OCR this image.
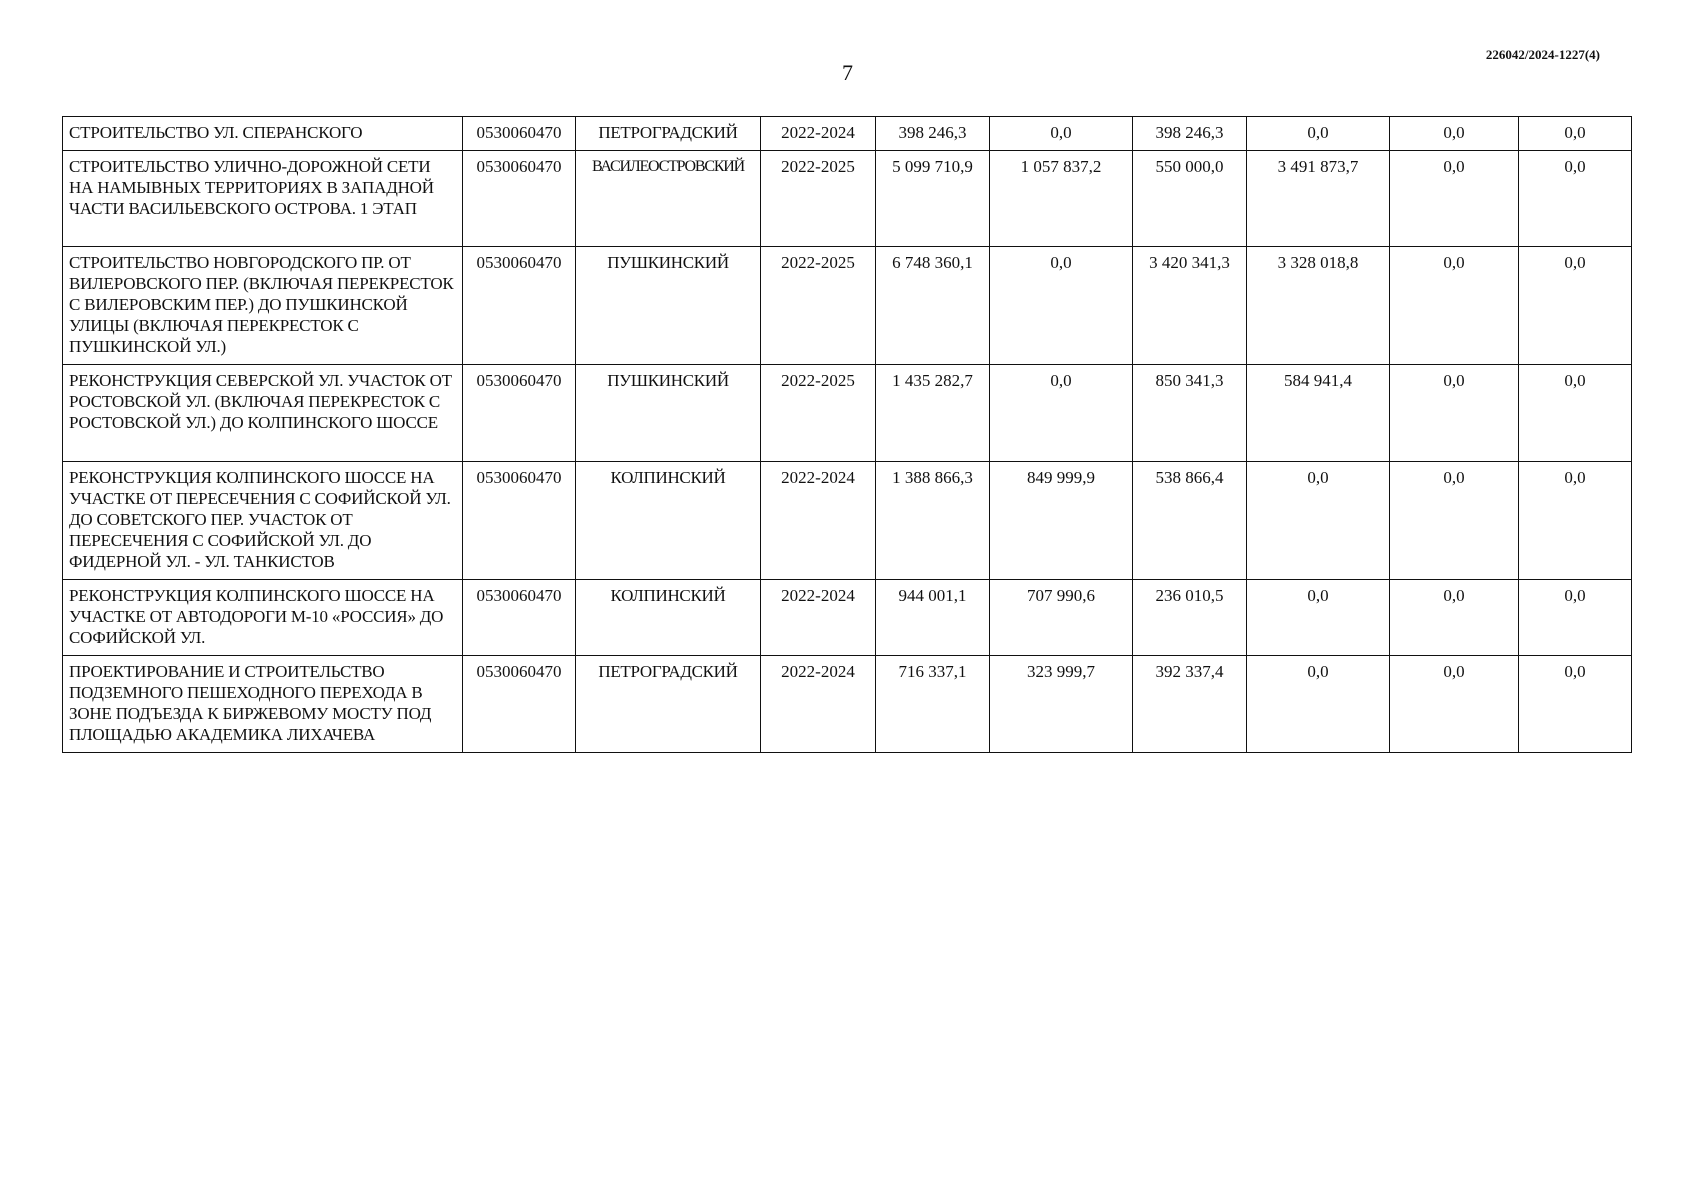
7
226042/2024-1227(4)
СТРОИТЕЛЬСТВО УЛ. СПЕРАНСКОГО	0530060470	ПЕТРОГРАДСКИЙ	2022-2024	398 246,3	0,0	398 246,3	0,0	0,0	0,0
СТРОИТЕЛЬСТВО УЛИЧНО-ДОРОЖНОЙ СЕТИ НА НАМЫВНЫХ ТЕРРИТОРИЯХ В ЗАПАДНОЙ ЧАСТИ ВАСИЛЬЕВСКОГО ОСТРОВА. 1 ЭТАП	0530060470	ВАСИЛЕОСТРОВСКИЙ	2022-2025	5 099 710,9	1 057 837,2	550 000,0	3 491 873,7	0,0	0,0
СТРОИТЕЛЬСТВО НОВГОРОДСКОГО ПР. ОТ ВИЛЕРОВСКОГО ПЕР. (ВКЛЮЧАЯ ПЕРЕКРЕСТОК С ВИЛЕРОВСКИМ ПЕР.) ДО ПУШКИНСКОЙ УЛИЦЫ (ВКЛЮЧАЯ ПЕРЕКРЕСТОК С ПУШКИНСКОЙ УЛ.)	0530060470	ПУШКИНСКИЙ	2022-2025	6 748 360,1	0,0	3 420 341,3	3 328 018,8	0,0	0,0
РЕКОНСТРУКЦИЯ СЕВЕРСКОЙ УЛ. УЧАСТОК ОТ РОСТОВСКОЙ УЛ. (ВКЛЮЧАЯ ПЕРЕКРЕСТОК С РОСТОВСКОЙ УЛ.) ДО КОЛПИНСКОГО ШОССЕ	0530060470	ПУШКИНСКИЙ	2022-2025	1 435 282,7	0,0	850 341,3	584 941,4	0,0	0,0
РЕКОНСТРУКЦИЯ КОЛПИНСКОГО ШОССЕ НА УЧАСТКЕ ОТ ПЕРЕСЕЧЕНИЯ С СОФИЙСКОЙ УЛ. ДО СОВЕТСКОГО ПЕР. УЧАСТОК ОТ ПЕРЕСЕЧЕНИЯ С СОФИЙСКОЙ УЛ. ДО ФИДЕРНОЙ УЛ. - УЛ. ТАНКИСТОВ	0530060470	КОЛПИНСКИЙ	2022-2024	1 388 866,3	849 999,9	538 866,4	0,0	0,0	0,0
РЕКОНСТРУКЦИЯ КОЛПИНСКОГО ШОССЕ НА УЧАСТКЕ ОТ АВТОДОРОГИ М-10 «РОССИЯ» ДО СОФИЙСКОЙ УЛ.	0530060470	КОЛПИНСКИЙ	2022-2024	944 001,1	707 990,6	236 010,5	0,0	0,0	0,0
ПРОЕКТИРОВАНИЕ И СТРОИТЕЛЬСТВО ПОДЗЕМНОГО ПЕШЕХОДНОГО ПЕРЕХОДА В ЗОНЕ ПОДЪЕЗДА К БИРЖЕВОМУ МОСТУ ПОД ПЛОЩАДЬЮ АКАДЕМИКА ЛИХАЧЕВА	0530060470	ПЕТРОГРАДСКИЙ	2022-2024	716 337,1	323 999,7	392 337,4	0,0	0,0	0,0
